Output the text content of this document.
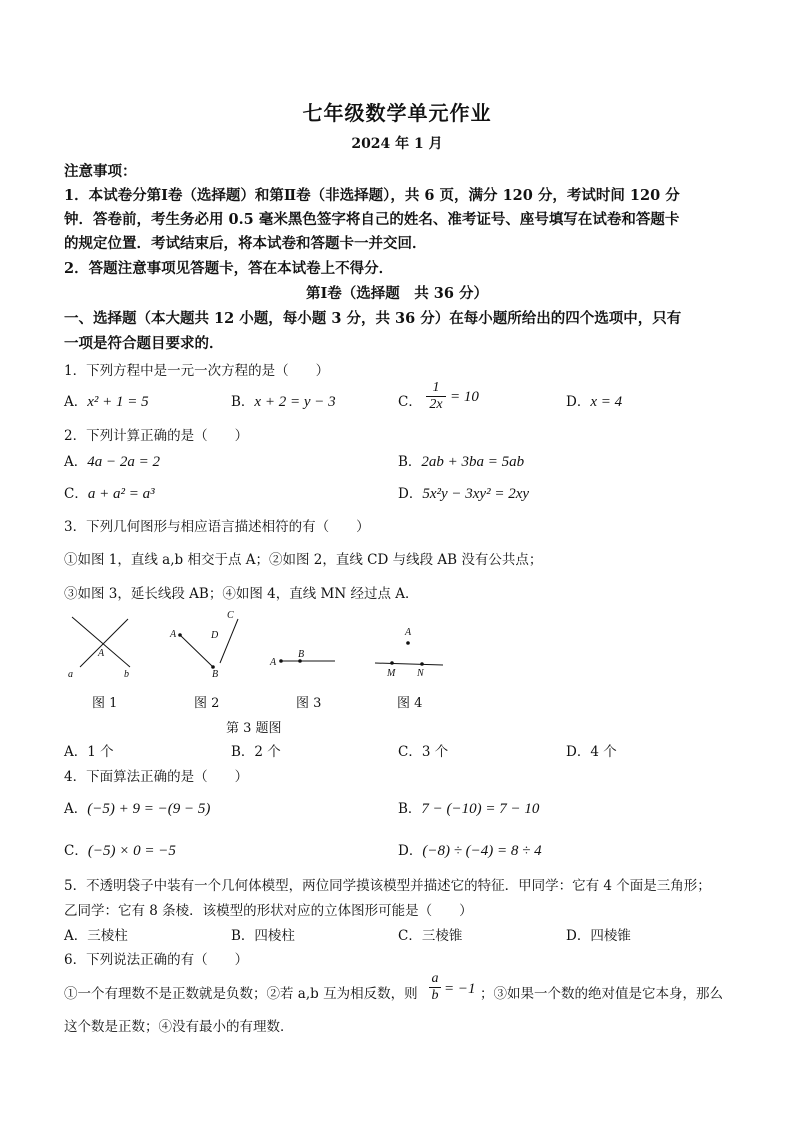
七年级数学单元作业
2024 年 1 月
注意事项：
1．本试卷分第Ⅰ卷（选择题）和第Ⅱ卷（非选择题），共 6 页，满分 120 分，考试时间 120 分
钟．答卷前，考生务必用 0.5 毫米黑色签字将自己的姓名、准考证号、座号填写在试卷和答题卡
的规定位置．考试结束后，将本试卷和答题卡一并交回．
2．答题注意事项见答题卡，答在本试卷上不得分．
第Ⅰ卷（选择题　共 36 分）
一、选择题（本大题共 12 小题，每小题 3 分，共 36 分）在每小题所给出的四个选项中，只有
一项是符合题目要求的．
1．下列方程中是一元一次方程的是（　　）
A．x² + 1 = 5	B．x + 2 = y − 3	C． $\frac{1}{2x} = 10$	D．x = 4
2．下列计算正确的是（　　）
A．4a − 2a = 2	B．2ab + 3ba = 5ab
C．a + a² = a³	D．5x²y − 3xy² = 2xy
3．下列几何图形与相应语言描述相符的有（　　）
①如图 1，直线 a,b 相交于点 A；②如图 2，直线 CD 与线段 AB 没有公共点；
③如图 3，延长线段 AB；④如图 4，直线 MN 经过点 A．
A
a	b
A
B
C
D
A
B
A
M N
图 1	图 2	图 3	图 4
第 3 题图
A．1 个	B．2 个	C．3 个	D．4 个
4．下面算法正确的是（　　）
A．(−5) + 9 = −(9 − 5)	B．7 − (−10) = 7 − 10
C．(−5) × 0 = −5	D．(−8) ÷ (−4) = 8 ÷ 4
5．不透明袋子中装有一个几何体模型，两位同学摸该模型并描述它的特征．甲同学：它有 4 个面是三角形；
乙同学：它有 8 条棱．该模型的形状对应的立体图形可能是（　　）
A．三棱柱	B．四棱柱	C．三棱锥	D．四棱锥
6．下列说法正确的有（　　）
①一个有理数不是正数就是负数；②若 a,b 互为相反数，则 $\frac{a}{b} = -1$ ；③如果一个数的绝对值是它本身，那么
这个数是正数；④没有最小的有理数．
